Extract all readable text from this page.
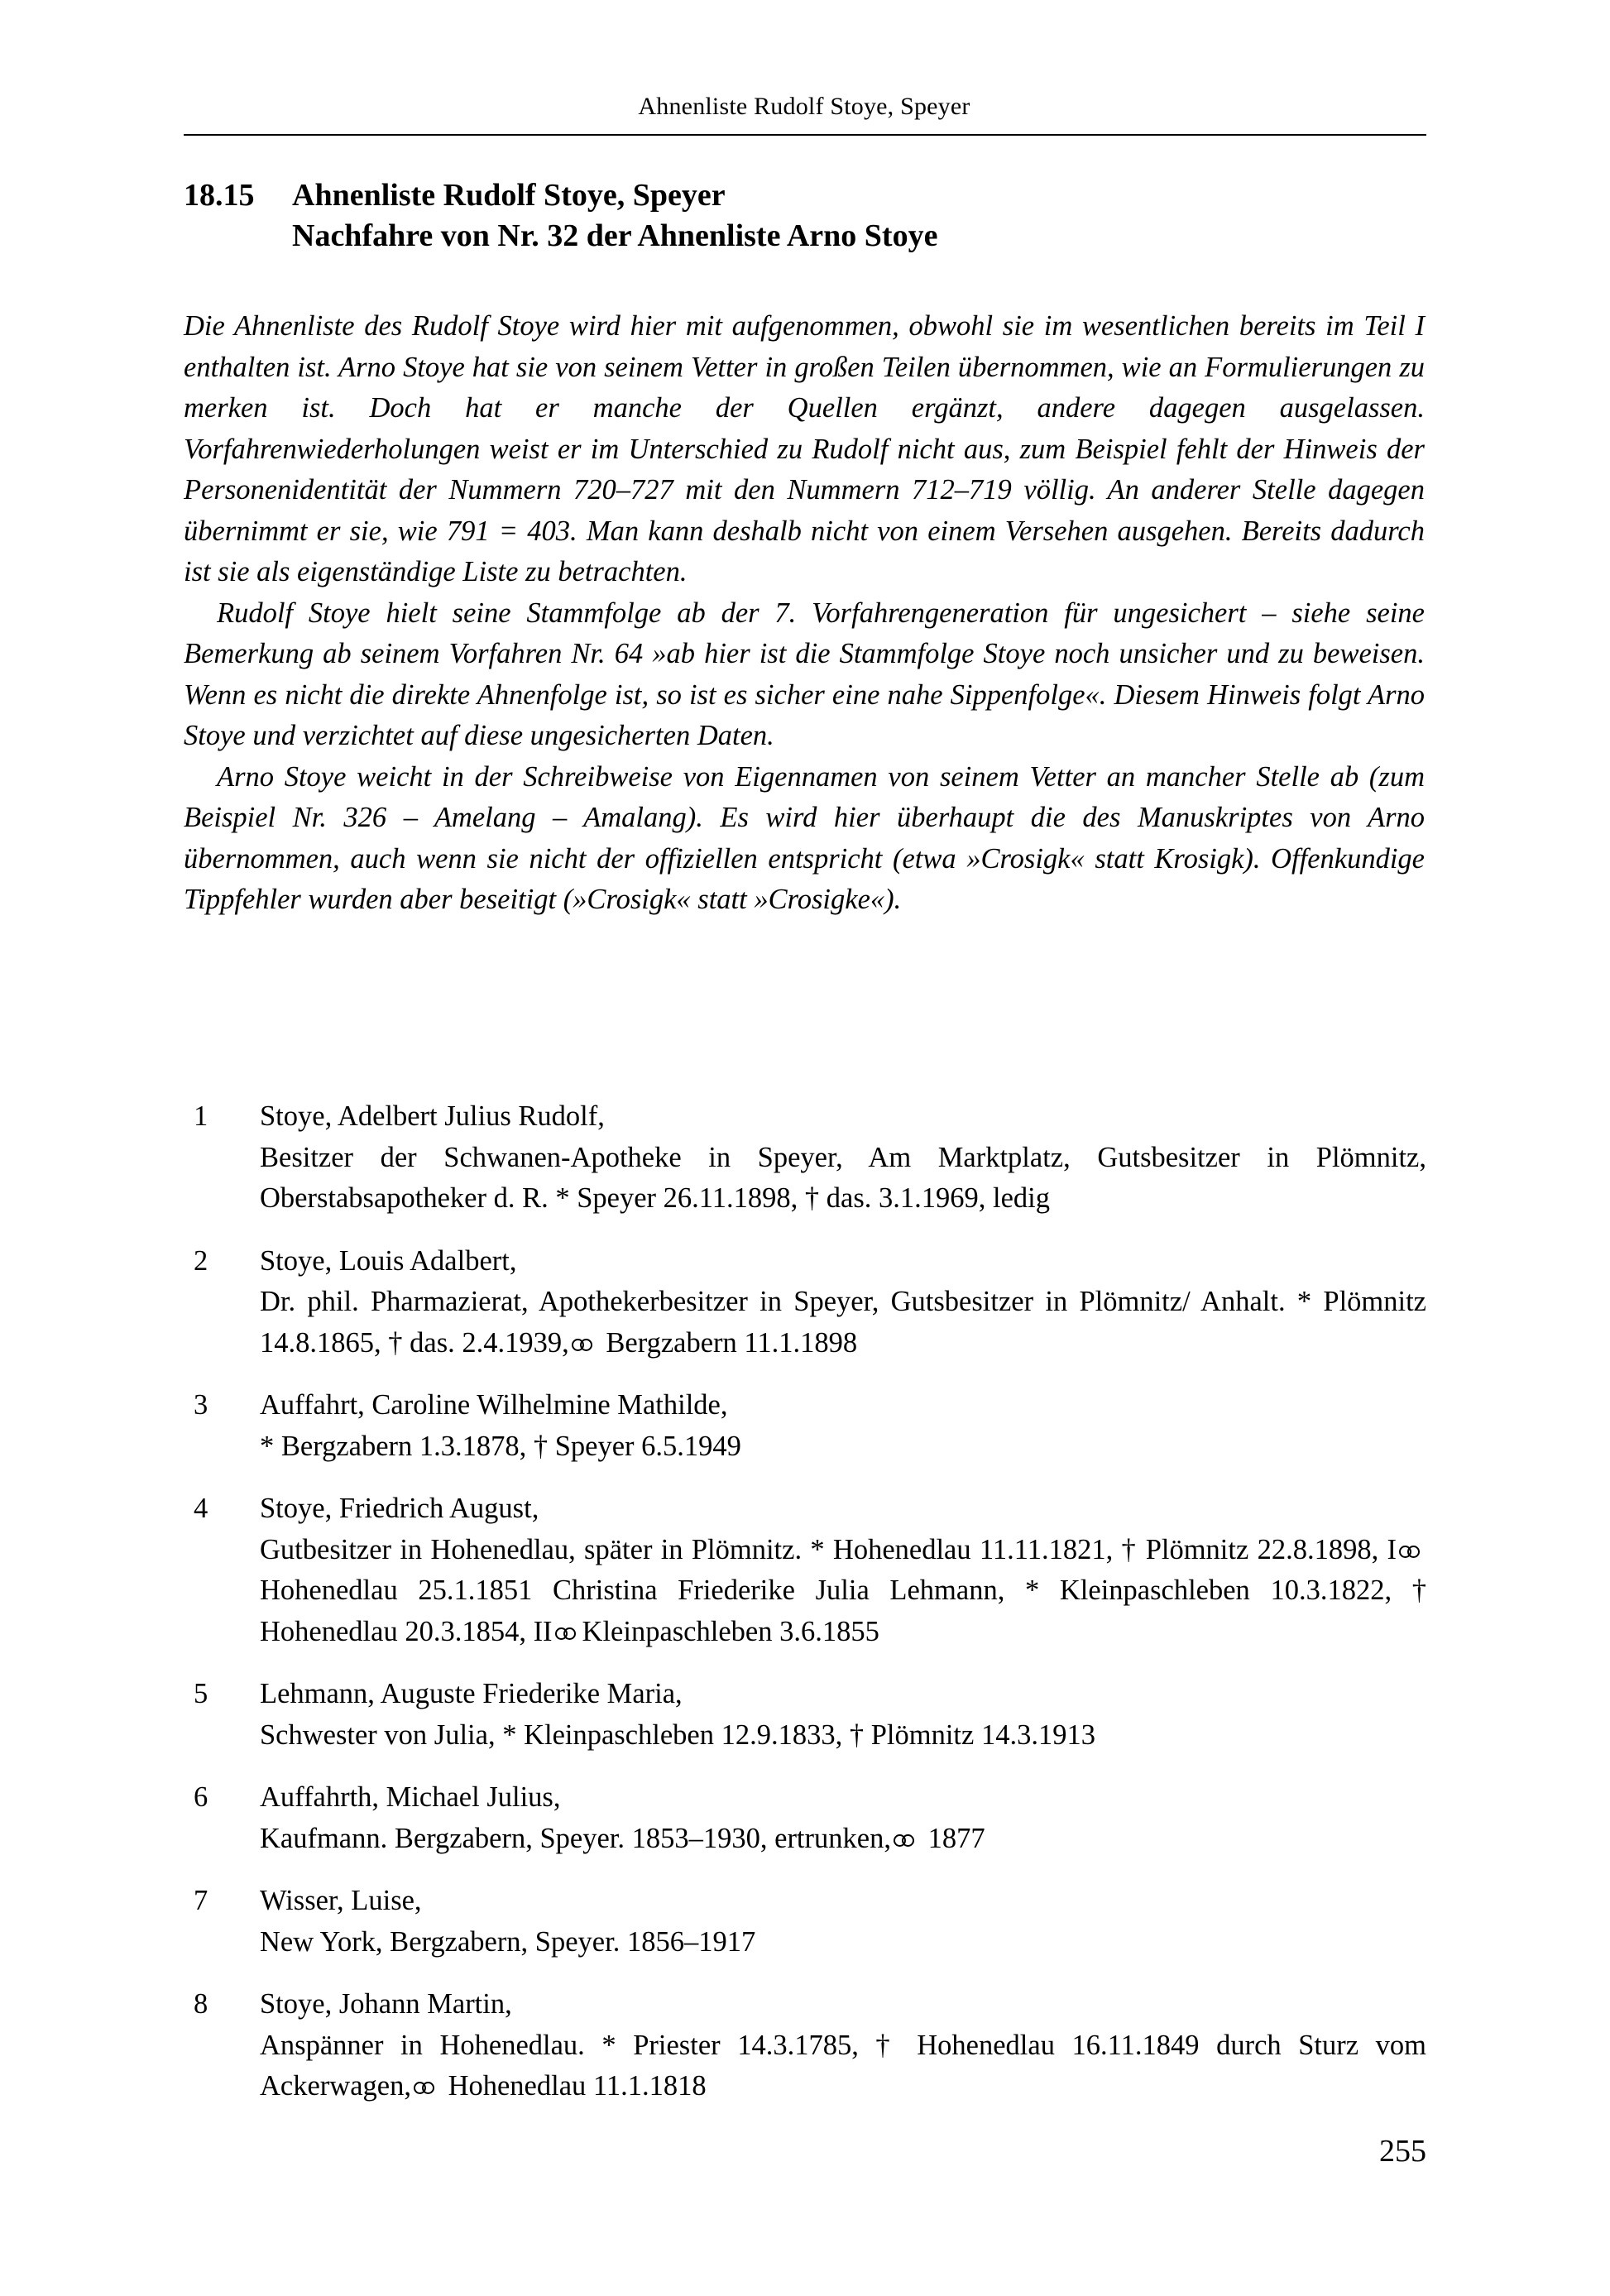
Ahnenliste Rudolf Stoye, Speyer
18.15	Ahnenliste Rudolf Stoye, Speyer
Nachfahre von Nr. 32 der Ahnenliste Arno Stoye

Die Ahnenliste des Rudolf Stoye wird hier mit aufgenommen, obwohl sie im wesentlichen bereits im Teil I enthalten ist. Arno Stoye hat sie von seinem Vetter in großen Teilen übernommen, wie an Formulierungen zu merken ist. Doch hat er manche der Quellen ergänzt, andere dagegen ausgelassen. Vorfahrenwiederholungen weist er im Unterschied zu Rudolf nicht aus, zum Beispiel fehlt der Hinweis der Personenidentität der Nummern 720–727 mit den Nummern 712–719 völlig. An anderer Stelle dagegen übernimmt er sie, wie 791 = 403. Man kann deshalb nicht von einem Versehen ausgehen. Bereits dadurch ist sie als eigenständige Liste zu betrachten.

Rudolf Stoye hielt seine Stammfolge ab der 7. Vorfahrengeneration für ungesichert – siehe seine Bemerkung ab seinem Vorfahren Nr. 64 »ab hier ist die Stammfolge Stoye noch unsicher und zu beweisen. Wenn es nicht die direkte Ahnenfolge ist, so ist es sicher eine nahe Sippenfolge«. Diesem Hinweis folgt Arno Stoye und verzichtet auf diese ungesicherten Daten.

Arno Stoye weicht in der Schreibweise von Eigennamen von seinem Vetter an mancher Stelle ab (zum Beispiel Nr. 326 – Amelang – Amalang). Es wird hier überhaupt die des Manuskriptes von Arno übernommen, auch wenn sie nicht der offiziellen entspricht (etwa »Crosigk« statt Krosigk). Offenkundige Tippfehler wurden aber beseitigt (»Crosigk« statt »Crosigke«).

1	Stoye, Adelbert Julius Rudolf,
Besitzer der Schwanen-Apotheke in Speyer, Am Marktplatz, Gutsbesitzer in Plömnitz, Oberstabsapotheker d. R. * Speyer 26.11.1898, † das. 3.1.1969, ledig
2	Stoye, Louis Adalbert,
Dr. phil. Pharmazierat, Apothekerbesitzer in Speyer, Gutsbesitzer in Plömnitz/ Anhalt. * Plömnitz 14.8.1865, † das. 2.4.1939, Bergzabern 11.1.1898
3	Auffahrt, Caroline Wilhelmine Mathilde,
* Bergzabern 1.3.1878, † Speyer 6.5.1949
4	Stoye, Friedrich August,
Gutbesitzer in Hohenedlau, später in Plömnitz. * Hohenedlau 11.11.1821, † Plömnitz 22.8.1898, I Hohenedlau 25.1.1851 Christina Friederike Julia Lehmann, * Kleinpaschleben 10.3.1822, † Hohenedlau 20.3.1854, II Kleinpaschleben 3.6.1855
5	Lehmann, Auguste Friederike Maria,
Schwester von Julia, * Kleinpaschleben 12.9.1833, † Plömnitz 14.3.1913
6	Auffahrth, Michael Julius,
Kaufmann. Bergzabern, Speyer. 1853–1930, ertrunken, 1877
7	Wisser, Luise,
New York, Bergzabern, Speyer. 1856–1917
8	Stoye, Johann Martin,
Anspänner in Hohenedlau. * Priester 14.3.1785, † Hohenedlau 16.11.1849 durch Sturz vom Ackerwagen, Hohenedlau 11.1.1818
255
